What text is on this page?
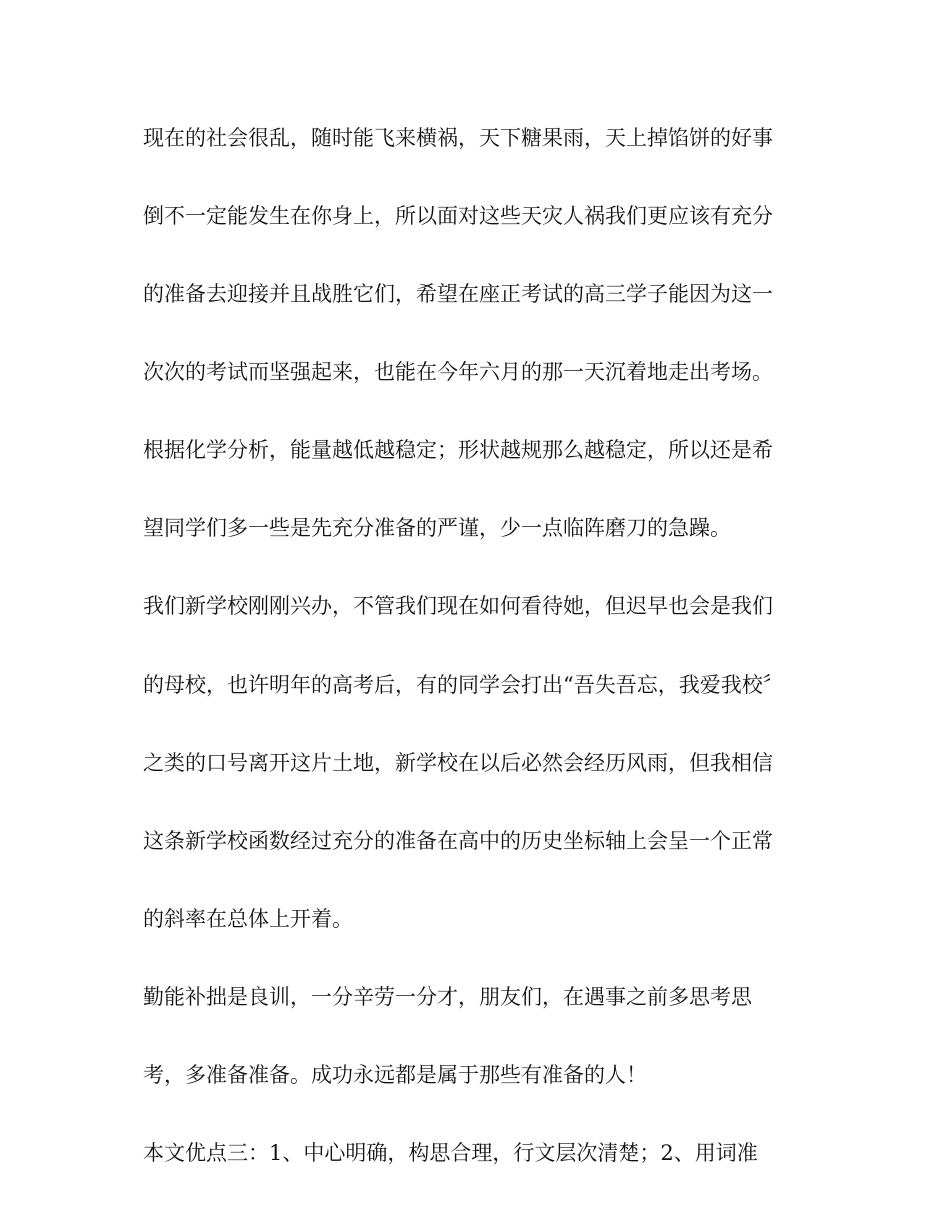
现在的社会很乱，随时能飞来横祸，天下糖果雨，天上掉馅饼的好事
倒不一定能发生在你身上，所以面对这些天灾人祸我们更应该有充分
的准备去迎接并且战胜它们，希望在座正考试的高三学子能因为这一
次次的考试而坚强起来，也能在今年六月的那一天沉着地走出考场。
根据化学分析，能量越低越稳定；形状越规那么越稳定，所以还是希
望同学们多一些是先充分准备的严谨，少一点临阵磨刀的急躁。
我们新学校刚刚兴办，不管我们现在如何看待她，但迟早也会是我们
的母校，也许明年的高考后，有的同学会打出“吾失吾忘，我爱我校〞
之类的口号离开这片土地，新学校在以后必然会经历风雨，但我相信
这条新学校函数经过充分的准备在高中的历史坐标轴上会呈一个正常
的斜率在总体上开着。
勤能补拙是良训，一分辛劳一分才，朋友们，在遇事之前多思考思
考，多准备准备。成功永远都是属于那些有准备的人！
本文优点三：1、中心明确，构思合理，行文层次清楚；2、用词准
